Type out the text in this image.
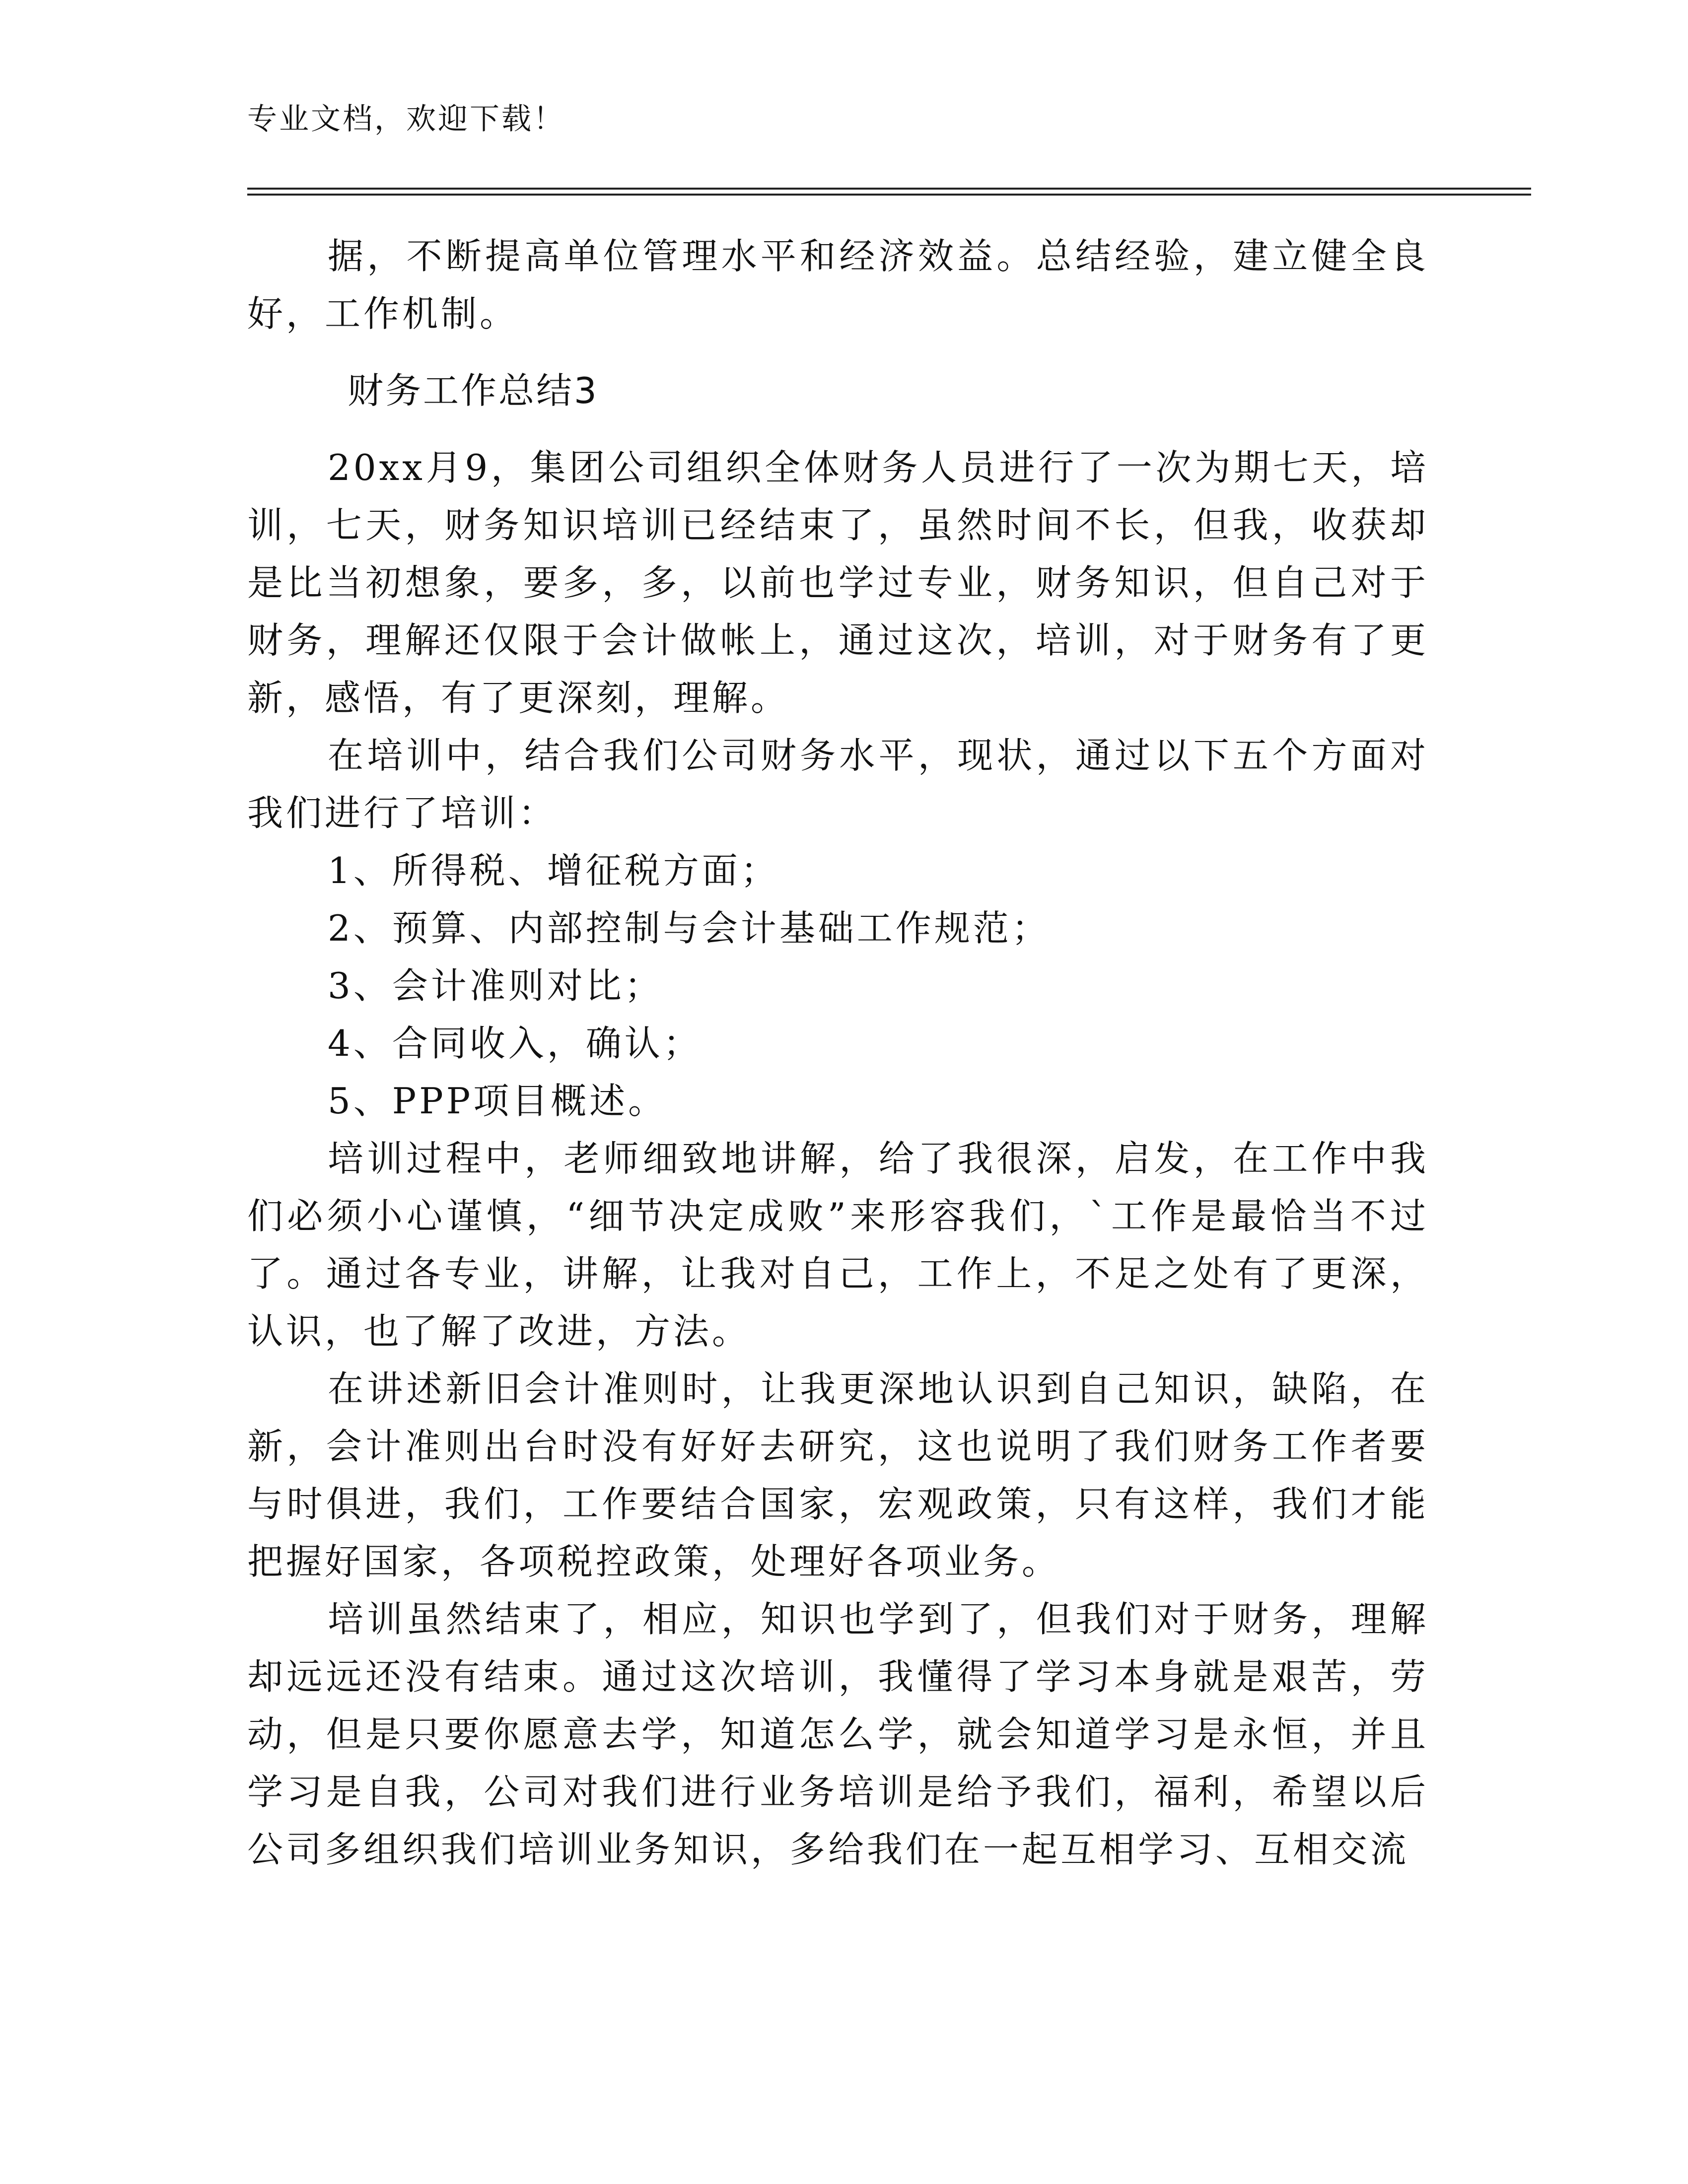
专业文档，欢迎下载！

据，不断提高单位管理水平和经济效益。总结经验，建立健全良好，工作机制。

财务工作总结3

20xx月9，集团公司组织全体财务人员进行了一次为期七天，培训，七天，财务知识培训已经结束了，虽然时间不长，但我，收获却是比当初想象，要多，多，以前也学过专业，财务知识，但自己对于财务，理解还仅限于会计做帐上，通过这次，培训，对于财务有了更新，感悟，有了更深刻，理解。

在培训中，结合我们公司财务水平，现状，通过以下五个方面对我们进行了培训：

1、所得税、增征税方面；

2、预算、内部控制与会计基础工作规范；

3、会计准则对比；

4、合同收入，确认；

5、PPP项目概述。

培训过程中，老师细致地讲解，给了我很深，启发，在工作中我们必须小心谨慎，“细节决定成败”来形容我们，`工作是最恰当不过了。通过各专业，讲解，让我对自己，工作上，不足之处有了更深，认识，也了解了改进，方法。

在讲述新旧会计准则时，让我更深地认识到自己知识，缺陷，在新，会计准则出台时没有好好去研究，这也说明了我们财务工作者要与时俱进，我们，工作要结合国家，宏观政策，只有这样，我们才能把握好国家，各项税控政策，处理好各项业务。

培训虽然结束了，相应，知识也学到了，但我们对于财务，理解却远远还没有结束。通过这次培训，我懂得了学习本身就是艰苦，劳动，但是只要你愿意去学，知道怎么学，就会知道学习是永恒，并且学习是自我，公司对我们进行业务培训是给予我们，福利，希望以后公司多组织我们培训业务知识，多给我们在一起互相学习、互相交流
